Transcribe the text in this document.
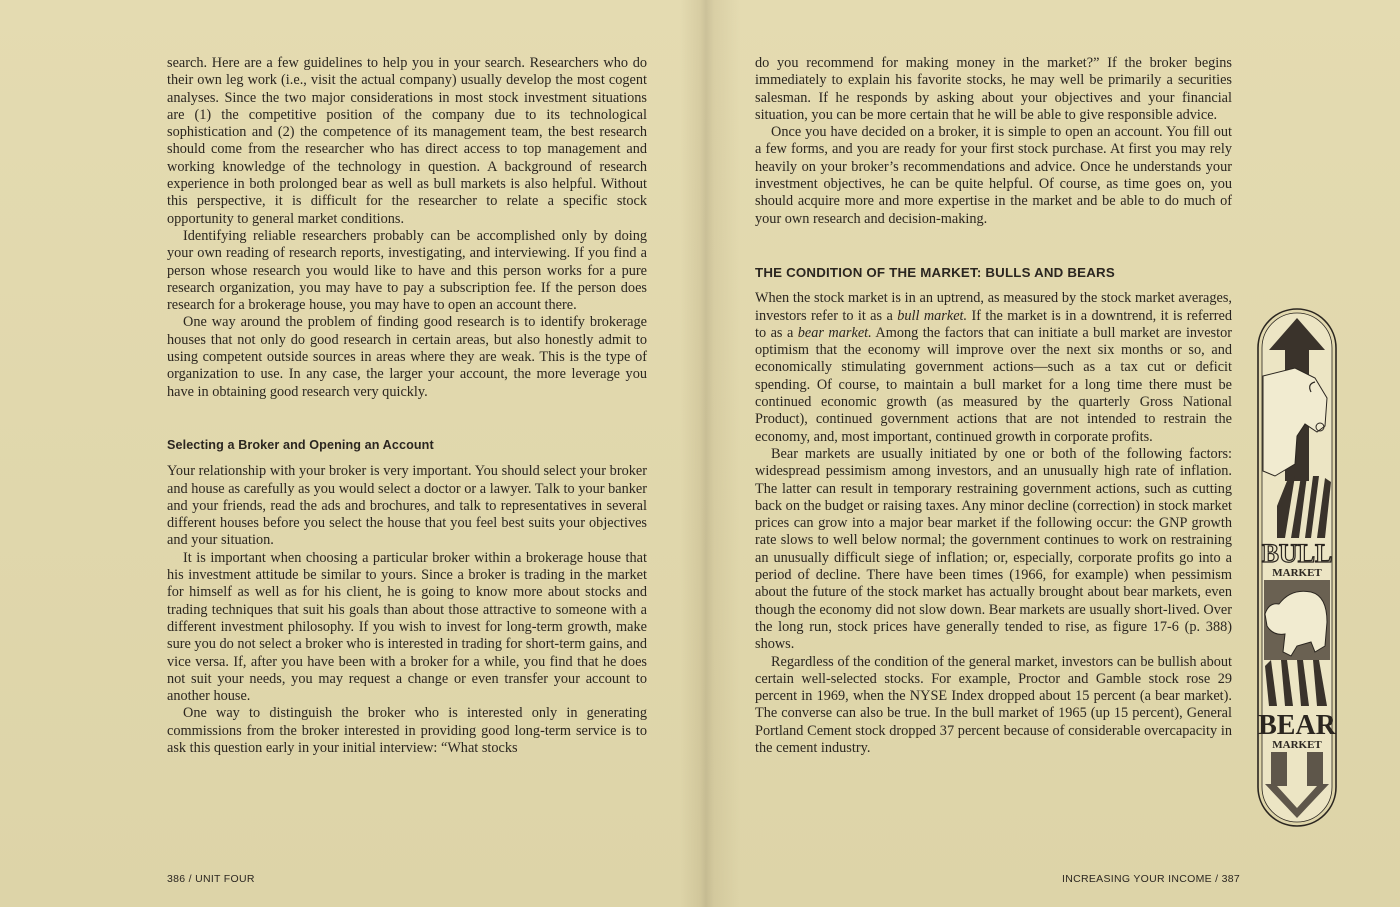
search. Here are a few guidelines to help you in your search. Researchers who do their own leg work (i.e., visit the actual company) usually develop the most cogent analyses. Since the two major considerations in most stock investment situations are (1) the competitive position of the company due to its technological sophistication and (2) the competence of its management team, the best research should come from the researcher who has direct access to top management and working knowledge of the technology in question. A background of research experience in both prolonged bear as well as bull markets is also helpful. Without this perspective, it is difficult for the researcher to relate a specific stock opportunity to general market conditions.

Identifying reliable researchers probably can be accomplished only by doing your own reading of research reports, investigating, and interviewing. If you find a person whose research you would like to have and this person works for a pure research organization, you may have to pay a subscription fee. If the person does research for a brokerage house, you may have to open an account there.

One way around the problem of finding good research is to identify brokerage houses that not only do good research in certain areas, but also honestly admit to using competent outside sources in areas where they are weak. This is the type of organization to use. In any case, the larger your account, the more leverage you have in obtaining good research very quickly.

Selecting a Broker and Opening an Account

Your relationship with your broker is very important. You should select your broker and house as carefully as you would select a doctor or a lawyer. Talk to your banker and your friends, read the ads and brochures, and talk to representatives in several different houses before you select the house that you feel best suits your objectives and your situation.

It is important when choosing a particular broker within a brokerage house that his investment attitude be similar to yours. Since a broker is trading in the market for himself as well as for his client, he is going to know more about stocks and trading techniques that suit his goals than about those attractive to someone with a different investment philosophy. If you wish to invest for long-term growth, make sure you do not select a broker who is interested in trading for short-term gains, and vice versa. If, after you have been with a broker for a while, you find that he does not suit your needs, you may request a change or even transfer your account to another house.

One way to distinguish the broker who is interested only in generating commissions from the broker interested in providing good long-term service is to ask this question early in your initial interview: “What stocks

386 / UNIT FOUR

do you recommend for making money in the market?” If the broker begins immediately to explain his favorite stocks, he may well be primarily a securities salesman. If he responds by asking about your objectives and your financial situation, you can be more certain that he will be able to give responsible advice.

Once you have decided on a broker, it is simple to open an account. You fill out a few forms, and you are ready for your first stock purchase. At first you may rely heavily on your broker’s recommendations and advice. Once he understands your investment objectives, he can be quite helpful. Of course, as time goes on, you should acquire more and more expertise in the market and be able to do much of your own research and decision-making.

THE CONDITION OF THE MARKET: BULLS AND BEARS

When the stock market is in an uptrend, as measured by the stock market averages, investors refer to it as a bull market. If the market is in a downtrend, it is referred to as a bear market. Among the factors that can initiate a bull market are investor optimism that the economy will improve over the next six months or so, and economically stimulating government actions—such as a tax cut or deficit spending. Of course, to maintain a bull market for a long time there must be continued economic growth (as measured by the quarterly Gross National Product), continued government actions that are not intended to restrain the economy, and, most important, continued growth in corporate profits.

Bear markets are usually initiated by one or both of the following factors: widespread pessimism among investors, and an unusually high rate of inflation. The latter can result in temporary restraining government actions, such as cutting back on the budget or raising taxes. Any minor decline (correction) in stock market prices can grow into a major bear market if the following occur: the GNP growth rate slows to well below normal; the government continues to work on restraining an unusually difficult siege of inflation; or, especially, corporate profits go into a period of decline. There have been times (1966, for example) when pessimism about the future of the stock market has actually brought about bear markets, even though the economy did not slow down. Bear markets are usually short-lived. Over the long run, stock prices have generally tended to rise, as figure 17-6 (p. 388) shows.

Regardless of the condition of the general market, investors can be bullish about certain well-selected stocks. For example, Proctor and Gamble stock rose 29 percent in 1969, when the NYSE Index dropped about 15 percent (a bear market). The converse can also be true. In the bull market of 1965 (up 15 percent), General Portland Cement stock dropped 37 percent because of considerable overcapacity in the cement industry.

BULL
MARKET
BEAR
MARKET
INCREASING YOUR INCOME / 387
